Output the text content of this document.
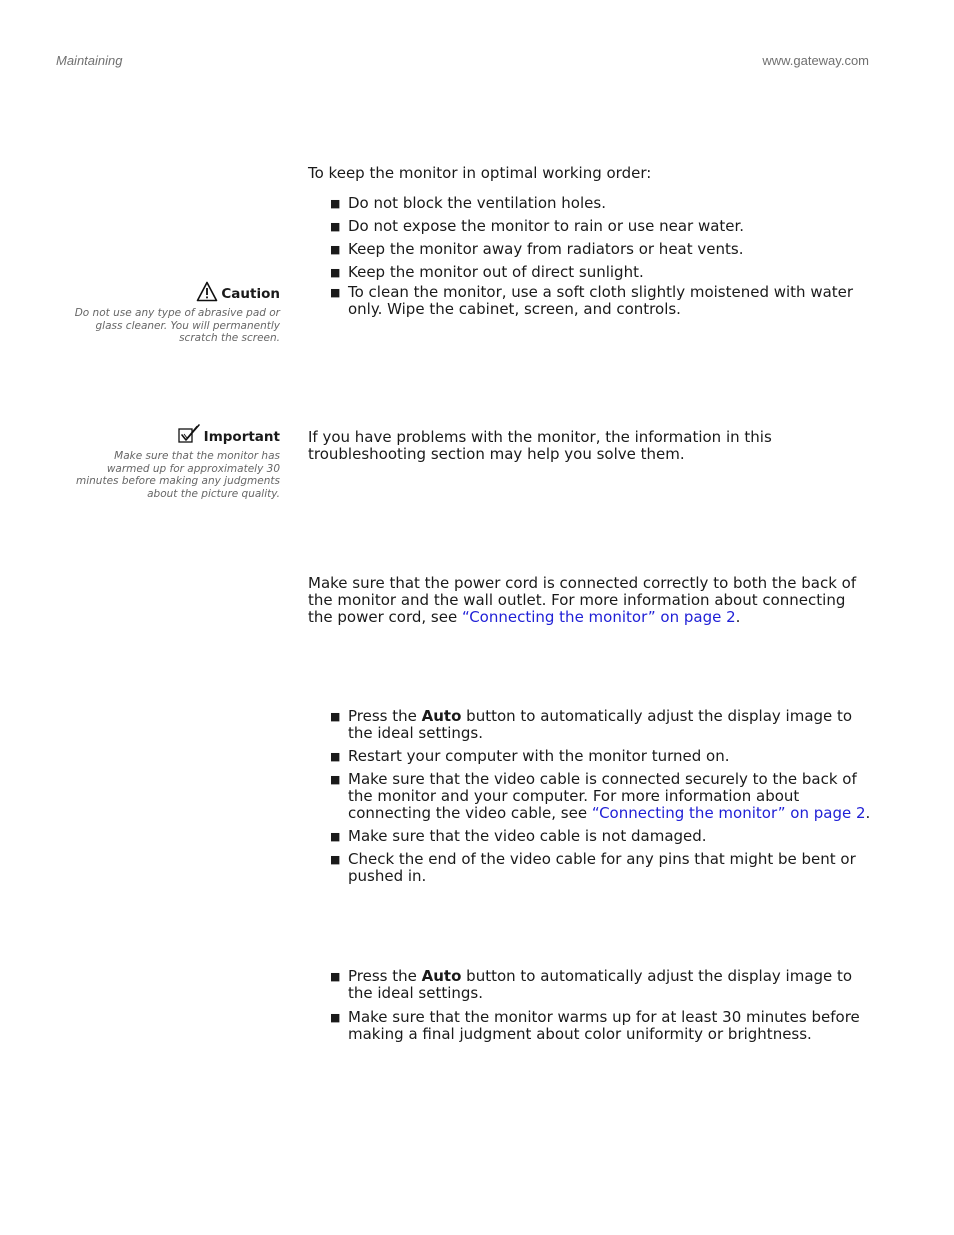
Maintaining	www.gateway.com

To keep the monitor in optimal working order:

■ Do not block the ventilation holes.
■ Do not expose the monitor to rain or use near water.
■ Keep the monitor away from radiators or heat vents.
■ Keep the monitor out of direct sunlight.
■ To clean the monitor, use a soft cloth slightly moistened with water only. Wipe the cabinet, screen, and controls.
Caution
Do not use any type of abrasive pad or glass cleaner. You will permanently scratch the screen.
Important
Make sure that the monitor has warmed up for approximately 30 minutes before making any judgments about the picture quality.

If you have problems with the monitor, the information in this troubleshooting section may help you solve them.

Make sure that the power cord is connected correctly to both the back of the monitor and the wall outlet. For more information about connecting the power cord, see “Connecting the monitor” on page 2.

■ Press the Auto button to automatically adjust the display image to the ideal settings.
■ Restart your computer with the monitor turned on.
■ Make sure that the video cable is connected securely to the back of the monitor and your computer. For more information about connecting the video cable, see “Connecting the monitor” on page 2.
■ Make sure that the video cable is not damaged.
■ Check the end of the video cable for any pins that might be bent or pushed in.
■ Press the Auto button to automatically adjust the display image to the ideal settings.
■ Make sure that the monitor warms up for at least 30 minutes before making a final judgment about color uniformity or brightness.
